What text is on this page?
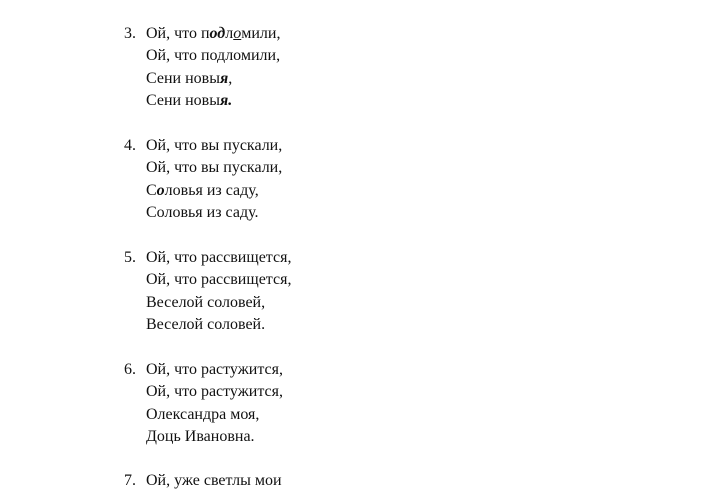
3. Ой, что подломили,
Ой, что подломили,
Сени новыя,
Сени новыя.
4. Ой, что вы пускали,
Ой, что вы пускали,
Соловья из саду,
Соловья из саду.
5. Ой, что рассвищется,
Ой, что рассвищется,
Веселой соловей,
Веселой соловей.
6. Ой, что растужится,
Ой, что растужится,
Олександра моя,
Доць Ивановна.
7. Ой, уже светлы мои
